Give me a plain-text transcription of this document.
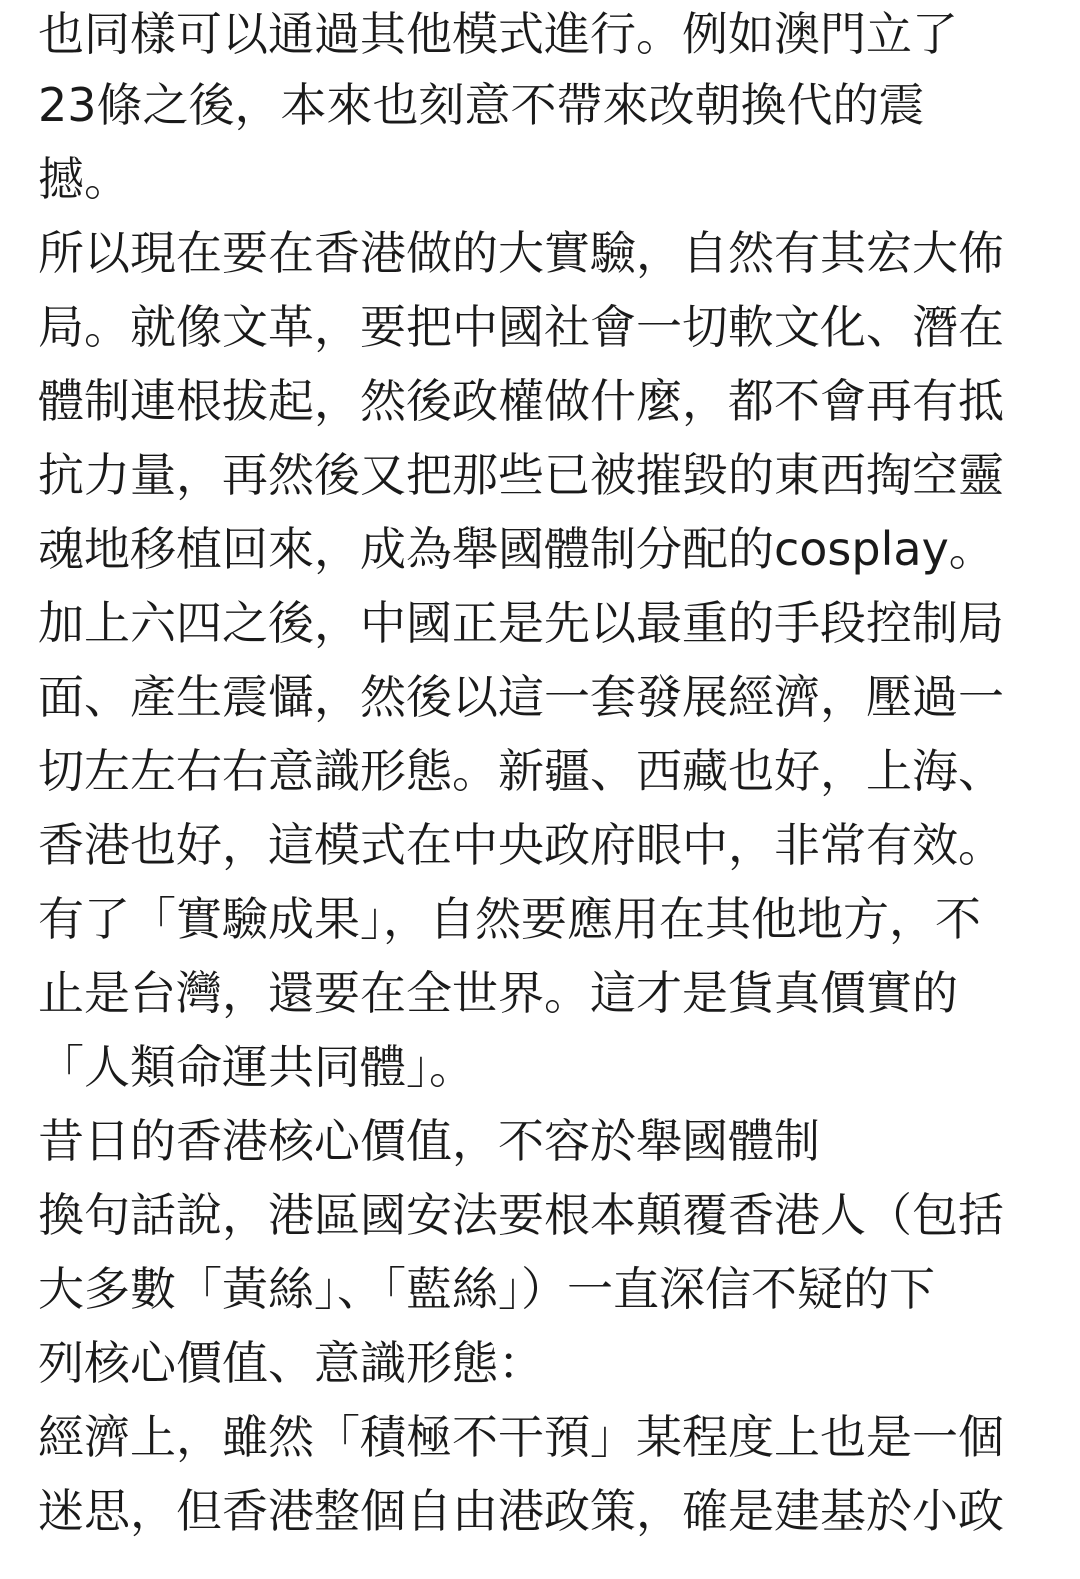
也同樣可以通過其他模式進行。例如澳門立了
23條之後，本來也刻意不帶來改朝換代的震
撼。
所以現在要在香港做的大實驗，自然有其宏大佈
局。就像文革，要把中國社會一切軟文化、潛在
體制連根拔起，然後政權做什麼，都不會再有抵
抗力量，再然後又把那些已被摧毀的東西掏空靈
魂地移植回來，成為舉國體制分配的cosplay。
加上六四之後，中國正是先以最重的手段控制局
面、產生震懾，然後以這一套發展經濟，壓過一
切左左右右意識形態。新疆、西藏也好，上海、
香港也好，這模式在中央政府眼中，非常有效。
有了「實驗成果」，自然要應用在其他地方，不
止是台灣，還要在全世界。這才是貨真價實的
「人類命運共同體」。
昔日的香港核心價值，不容於舉國體制
換句話說，港區國安法要根本顛覆香港人（包括
大多數「黃絲」、「藍絲」）一直深信不疑的下
列核心價值、意識形態：
經濟上，雖然「積極不干預」某程度上也是一個
迷思，但香港整個自由港政策，確是建基於小政
